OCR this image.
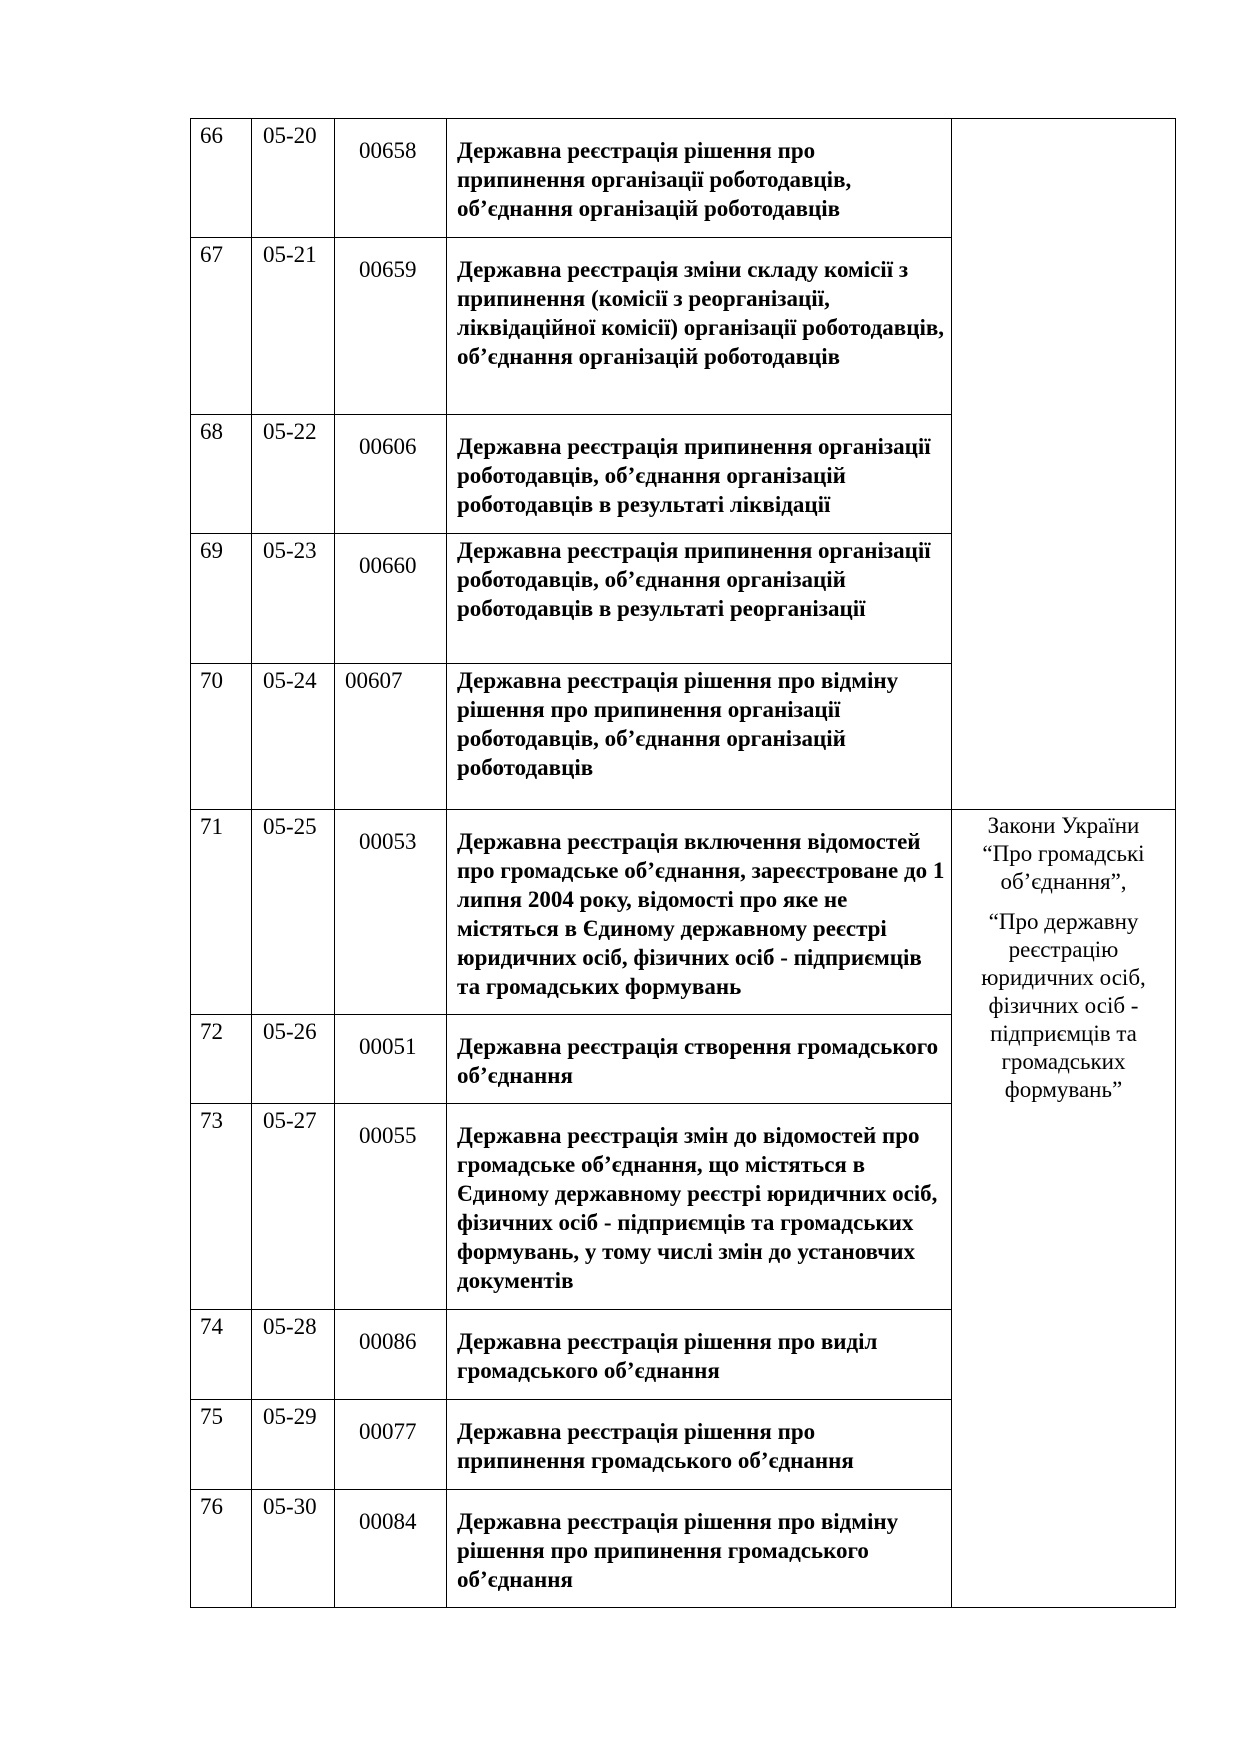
66	05-20	00658	Державна реєстрація рішення про припинення організації роботодавців, об’єднання організацій роботодавців	
67	05-21	00659	Державна реєстрація зміни складу комісії з припинення (комісії з реорганізації, ліквідаційної комісії) організації роботодавців, об’єднання організацій роботодавців	
68	05-22	00606	Державна реєстрація припинення організації роботодавців, об’єднання організацій роботодавців в результаті ліквідації	
69	05-23	00660	Державна реєстрація припинення організації роботодавців, об’єднання організацій роботодавців в результаті реорганізації	
70	05-24	00607	Державна реєстрація рішення про відміну рішення про припинення організації роботодавців, об’єднання організацій роботодавців	
71	05-25	00053	Державна реєстрація включення відомостей про громадське об’єднання, зареєстроване до 1 липня 2004 року, відомості про яке не містяться в Єдиному державному реєстрі юридичних осіб, фізичних осіб - підприємців та громадських формувань	Закони України “Про громадські об’єднання”,

“Про державну реєстрацію юридичних осіб, фізичних осіб - підприємців та громадських формувань”

72	05-26	00051	Державна реєстрація створення громадського об’єднання	
73	05-27	00055	Державна реєстрація змін до відомостей про громадське об’єднання, що містяться в Єдиному державному реєстрі юридичних осіб, фізичних осіб - підприємців та громадських формувань, у тому числі змін до установчих документів	
74	05-28	00086	Державна реєстрація рішення про виділ громадського об’єднання	
75	05-29	00077	Державна реєстрація рішення про припинення громадського об’єднання	
76	05-30	00084	Державна реєстрація рішення про відміну рішення про припинення громадського об’єднання	
